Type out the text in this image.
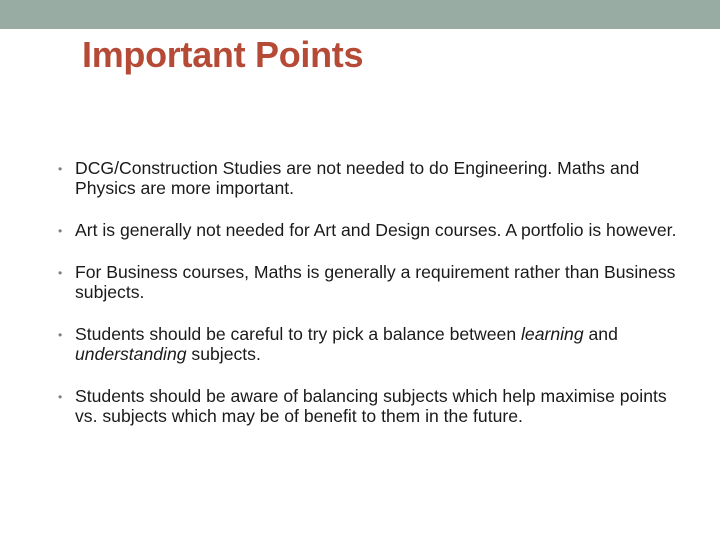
Important Points
• DCG/Construction Studies are not needed to do Engineering. Maths and Physics are more important.
• Art is generally not needed for Art and Design courses. A portfolio is however.
• For Business courses, Maths is generally a requirement rather than Business subjects.
• Students should be careful to try pick a balance between learning and understanding subjects.
• Students should be aware of balancing subjects which help maximise points vs. subjects which may be of benefit to them in the future.
